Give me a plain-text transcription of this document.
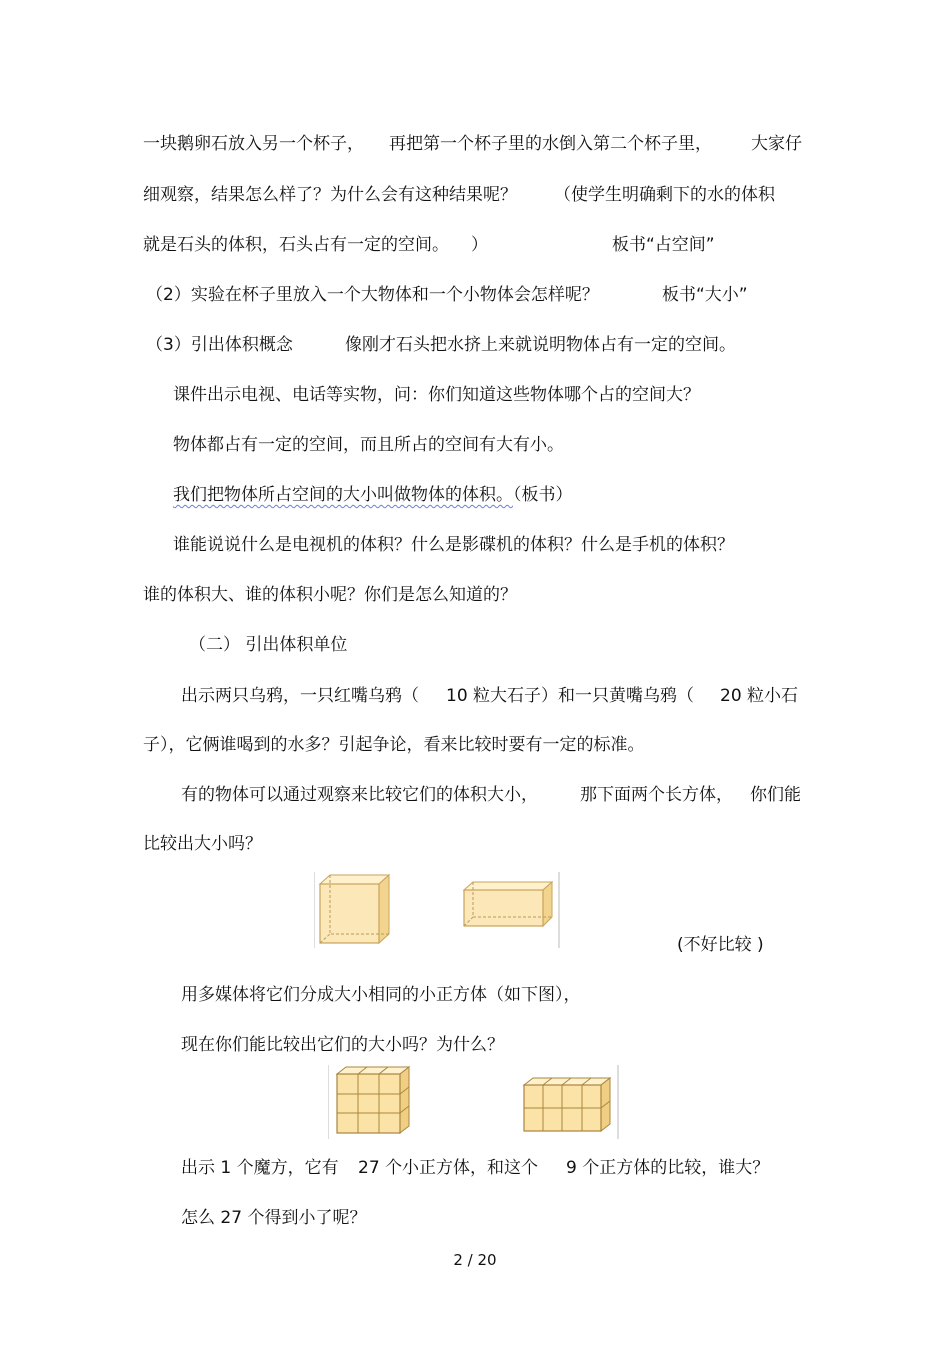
一块鹅卵石放入另一个杯子， 再把第一个杯子里的水倒入第二个杯子里， 大家仔
细观察，结果怎么样了？为什么会有这种结果呢？ （使学生明确剩下的水的体积
就是石头的体积，石头占有一定的空间。 ）	板书“占空间”
（2）实验在杯子里放入一个大物体和一个小物体会怎样呢？	板书“大小”
（3）引出体积概念	像刚才石头把水挤上来就说明物体占有一定的空间。
课件出示电视、电话等实物，问：你们知道这些物体哪个占的空间大？
物体都占有一定的空间，而且所占的空间有大有小。
我们把物体所占空间的大小叫做物体的体积。（板书）
谁能说说什么是电视机的体积？什么是影碟机的体积？什么是手机的体积？
谁的体积大、谁的体积小呢？你们是怎么知道的？
（二） 引出体积单位
出示两只乌鸦，一只红嘴乌鸦（ 10 粒大石子）和一只黄嘴乌鸦（ 20 粒小石
子），它俩谁喝到的水多？引起争论，看来比较时要有一定的标准。
有的物体可以通过观察来比较它们的体积大小， 那下面两个长方体， 你们能
比较出大小吗？
(不好比较 )
用多媒体将它们分成大小相同的小正方体（如下图），
现在你们能比较出它们的大小吗？为什么？
出示 1 个魔方，它有 27 个小正方体，和这个 9 个正方体的比较，谁大？
怎么 27 个得到小了呢？
2 / 20
